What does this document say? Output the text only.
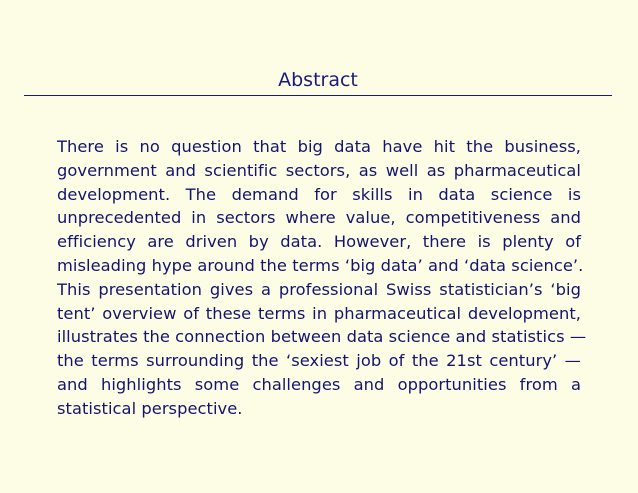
Abstract
There is no question that big data have hit the business,
government and scientific sectors, as well as pharmaceutical
development. The demand for skills in data science is
unprecedented in sectors where value, competitiveness and
efficiency are driven by data. However, there is plenty of
misleading hype around the terms ‘big data’ and ‘data science’.
This presentation gives a professional Swiss statistician’s ‘big
tent’ overview of these terms in pharmaceutical development,
illustrates the connection between data science and statistics —
the terms surrounding the ‘sexiest job of the 21st century’ —
and highlights some challenges and opportunities from a
statistical perspective.
